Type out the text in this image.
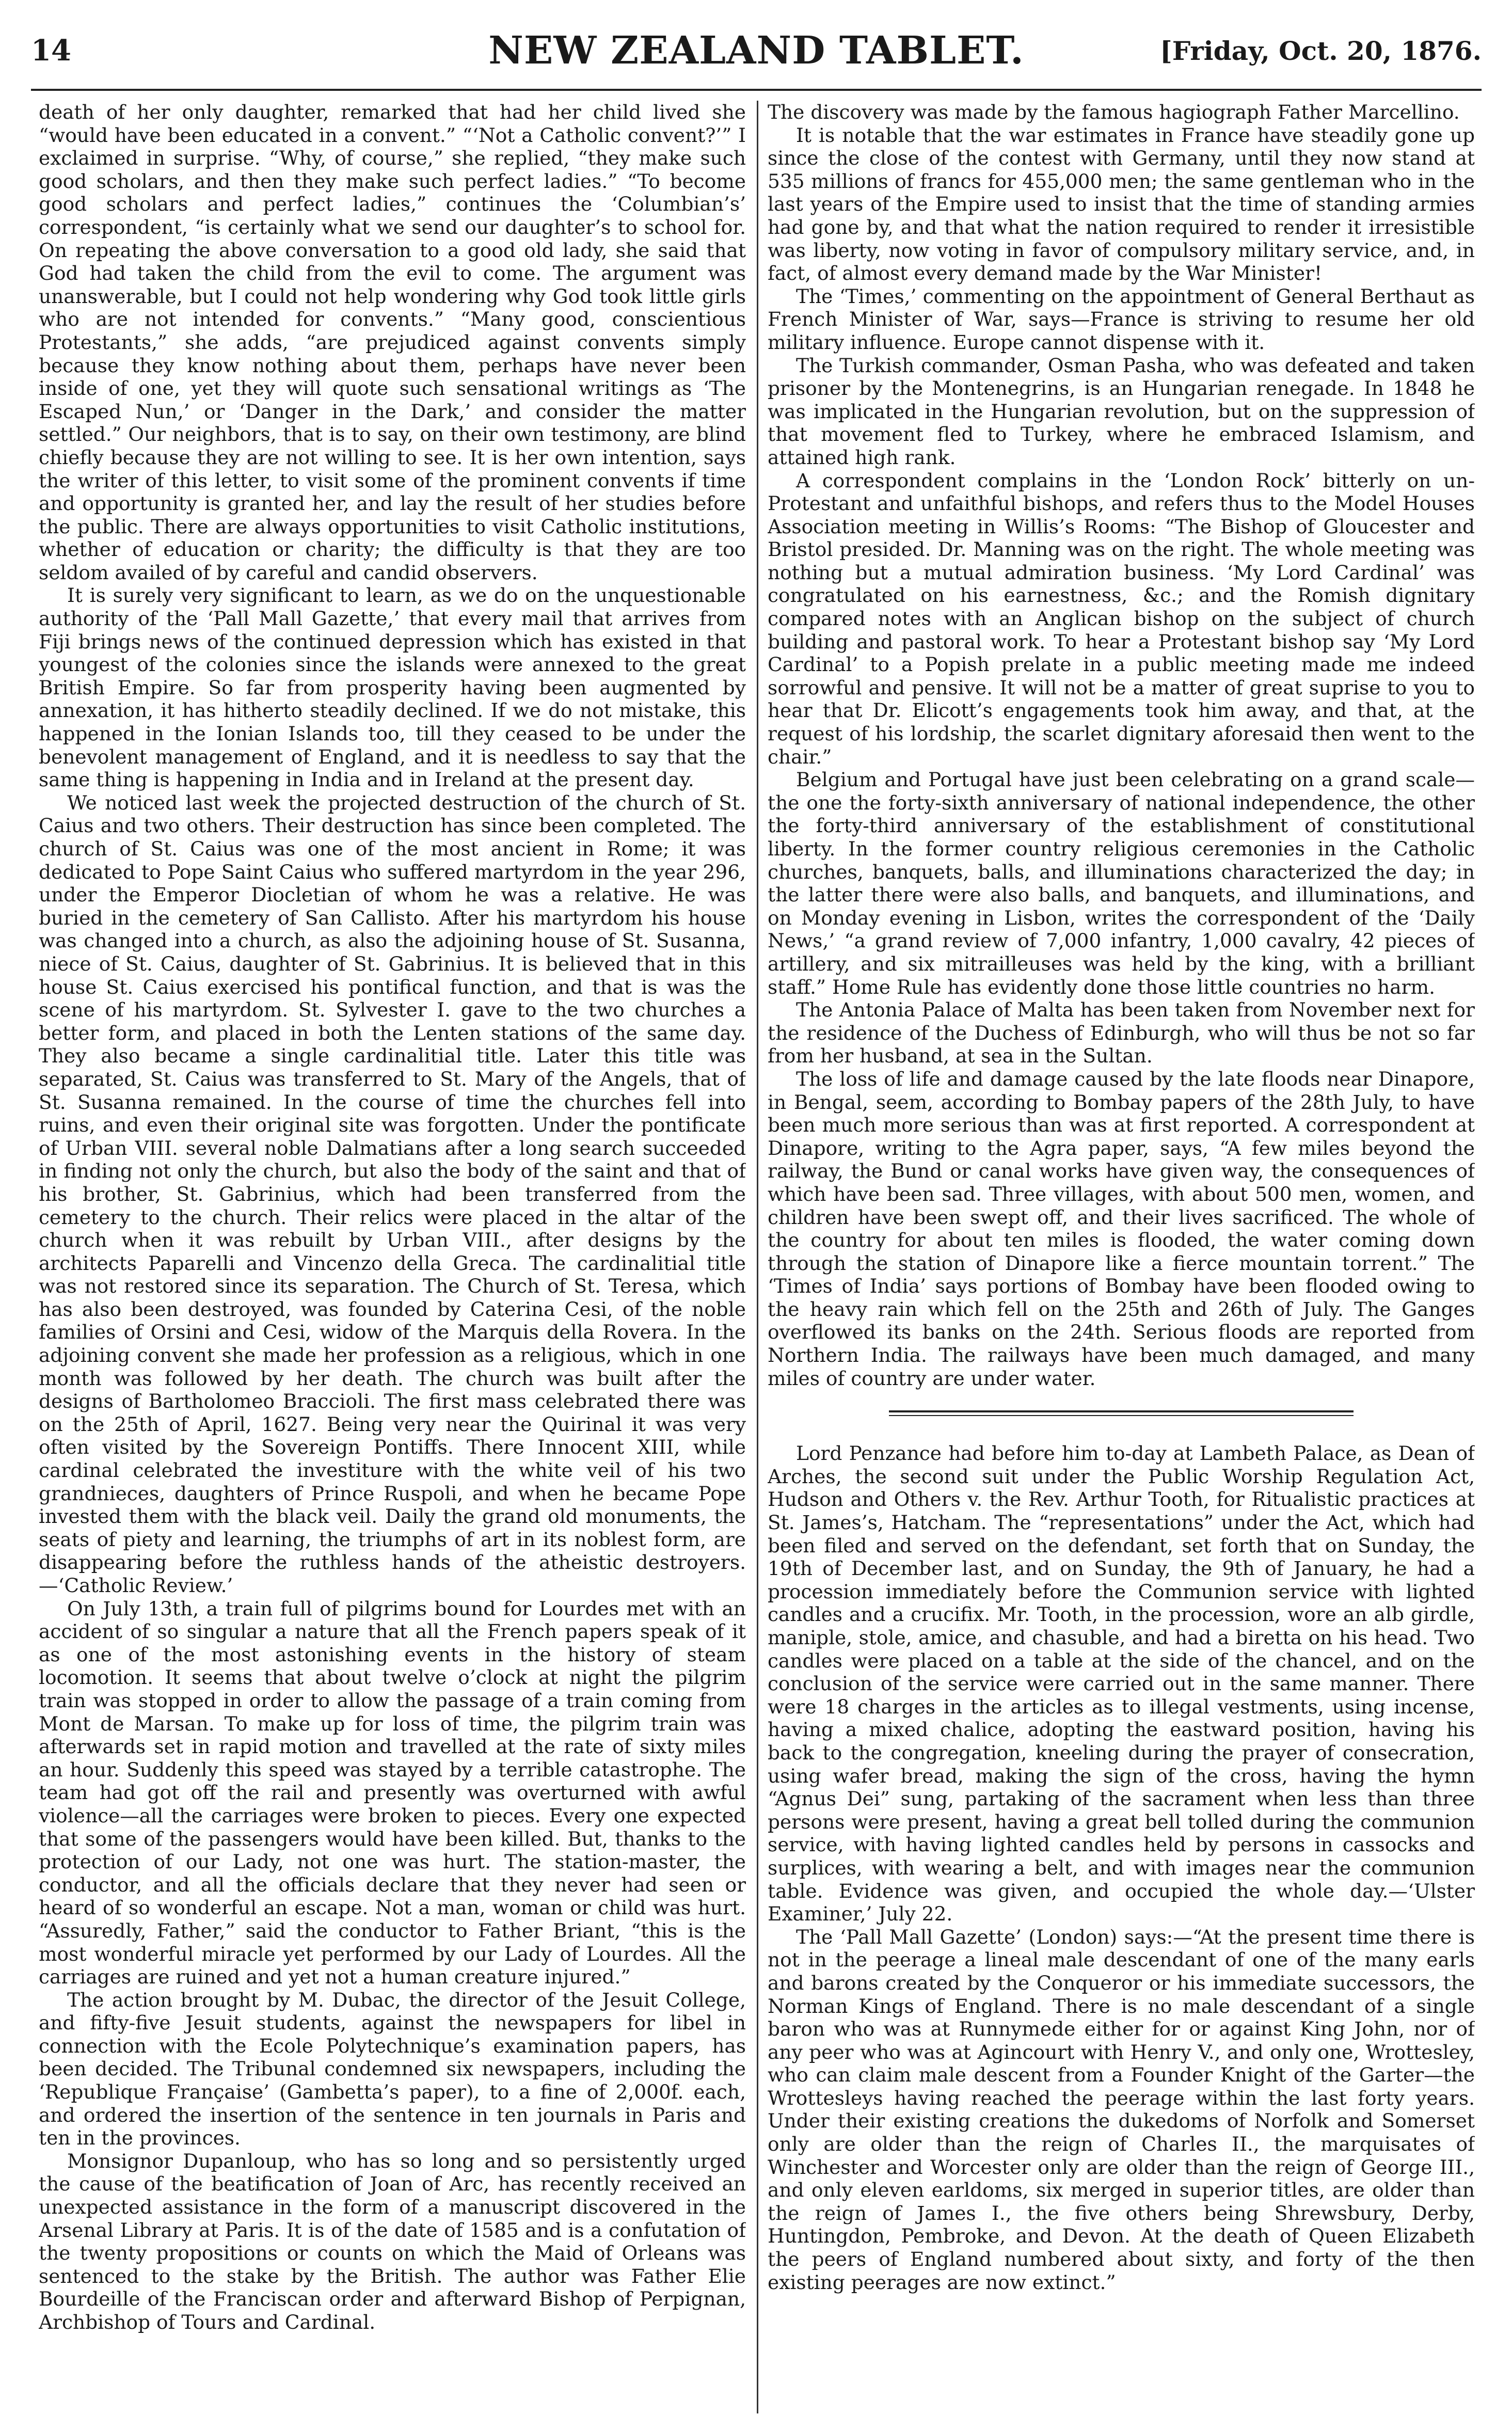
14	NEW ZEALAND TABLET.	[Friday, Oct. 20, 1876.

death of her only daughter, remarked that had her child lived she “would have been educated in a convent.” “‘Not a Catholic convent?’” I exclaimed in surprise. “Why, of course,” she replied, “they make such good scholars, and then they make such perfect ladies.” “To become good scholars and perfect ladies,” continues the ‘Columbian’s’ correspondent, “is certainly what we send our daughter’s to school for. On repeating the above conversation to a good old lady, she said that God had taken the child from the evil to come. The argument was unanswerable, but I could not help wondering why God took little girls who are not intended for convents.” “Many good, conscientious Protestants,” she adds, “are prejudiced against convents simply because they know nothing about them, perhaps have never been inside of one, yet they will quote such sensational writings as ‘The Escaped Nun,’ or ‘Danger in the Dark,’ and consider the matter settled.” Our neighbors, that is to say, on their own testimony, are blind chiefly because they are not willing to see. It is her own intention, says the writer of this letter, to visit some of the prominent convents if time and opportunity is granted her, and lay the result of her studies before the public. There are always opportunities to visit Catholic institutions, whether of education or charity; the difficulty is that they are too seldom availed of by careful and candid observers.

It is surely very significant to learn, as we do on the unquestionable authority of the ‘Pall Mall Gazette,’ that every mail that arrives from Fiji brings news of the continued depression which has existed in that youngest of the colonies since the islands were annexed to the great British Empire. So far from prosperity having been augmented by annexation, it has hitherto steadily declined. If we do not mistake, this happened in the Ionian Islands too, till they ceased to be under the benevolent management of England, and it is needless to say that the same thing is happening in India and in Ireland at the present day.

We noticed last week the projected destruction of the church of St. Caius and two others. Their destruction has since been completed. The church of St. Caius was one of the most ancient in Rome; it was dedicated to Pope Saint Caius who suffered martyrdom in the year 296, under the Emperor Diocletian of whom he was a relative. He was buried in the cemetery of San Callisto. After his martyrdom his house was changed into a church, as also the adjoining house of St. Susanna, niece of St. Caius, daughter of St. Gabrinius. It is believed that in this house St. Caius exercised his pontifical function, and that is was the scene of his martyrdom. St. Sylvester I. gave to the two churches a better form, and placed in both the Lenten stations of the same day. They also became a single cardinalitial title. Later this title was separated, St. Caius was transferred to St. Mary of the Angels, that of St. Susanna remained. In the course of time the churches fell into ruins, and even their original site was forgotten. Under the pontificate of Urban VIII. several noble Dalmatians after a long search succeeded in finding not only the church, but also the body of the saint and that of his brother, St. Gabrinius, which had been transferred from the cemetery to the church. Their relics were placed in the altar of the church when it was rebuilt by Urban VIII., after designs by the architects Paparelli and Vincenzo della Greca. The cardinalitial title was not restored since its separation. The Church of St. Teresa, which has also been destroyed, was founded by Caterina Cesi, of the noble families of Orsini and Cesi, widow of the Marquis della Rovera. In the adjoining convent she made her profession as a religious, which in one month was followed by her death. The church was built after the designs of Bartholomeo Braccioli. The first mass celebrated there was on the 25th of April, 1627. Being very near the Quirinal it was very often visited by the Sovereign Pontiffs. There Innocent XIII, while cardinal celebrated the investiture with the white veil of his two grandnieces, daughters of Prince Ruspoli, and when he became Pope invested them with the black veil. Daily the grand old monuments, the seats of piety and learning, the triumphs of art in its noblest form, are disappearing before the ruthless hands of the atheistic destroyers.—‘Catholic Review.’

On July 13th, a train full of pilgrims bound for Lourdes met with an accident of so singular a nature that all the French papers speak of it as one of the most astonishing events in the history of steam locomotion. It seems that about twelve o’clock at night the pilgrim train was stopped in order to allow the passage of a train coming from Mont de Marsan. To make up for loss of time, the pilgrim train was afterwards set in rapid motion and travelled at the rate of sixty miles an hour. Suddenly this speed was stayed by a terrible catastrophe. The team had got off the rail and presently was overturned with awful violence—all the carriages were broken to pieces. Every one expected that some of the passengers would have been killed. But, thanks to the protection of our Lady, not one was hurt. The station-master, the conductor, and all the officials declare that they never had seen or heard of so wonderful an escape. Not a man, woman or child was hurt. “Assuredly, Father,” said the conductor to Father Briant, “this is the most wonderful miracle yet performed by our Lady of Lourdes. All the carriages are ruined and yet not a human creature injured.”

The action brought by M. Dubac, the director of the Jesuit College, and fifty-five Jesuit students, against the newspapers for libel in connection with the Ecole Polytechnique’s examination papers, has been decided. The Tribunal condemned six newspapers, including the ‘Republique Française’ (Gambetta’s paper), to a fine of 2,000f. each, and ordered the insertion of the sentence in ten journals in Paris and ten in the provinces.

Monsignor Dupanloup, who has so long and so persistently urged the cause of the beatification of Joan of Arc, has recently received an unexpected assistance in the form of a manuscript discovered in the Arsenal Library at Paris. It is of the date of 1585 and is a confutation of the twenty propositions or counts on which the Maid of Orleans was sentenced to the stake by the British. The author was Father Elie Bourdeille of the Franciscan order and afterward Bishop of Perpignan, Archbishop of Tours and Cardinal.

The discovery was made by the famous hagiograph Father Marcellino.

It is notable that the war estimates in France have steadily gone up since the close of the contest with Germany, until they now stand at 535 millions of francs for 455,000 men; the same gentleman who in the last years of the Empire used to insist that the time of standing armies had gone by, and that what the nation required to render it irresistible was liberty, now voting in favor of compulsory military service, and, in fact, of almost every demand made by the War Minister!

The ‘Times,’ commenting on the appointment of General Berthaut as French Minister of War, says—France is striving to resume her old military influence. Europe cannot dispense with it.

The Turkish commander, Osman Pasha, who was defeated and taken prisoner by the Montenegrins, is an Hungarian renegade. In 1848 he was implicated in the Hungarian revolution, but on the suppression of that movement fled to Turkey, where he embraced Islamism, and attained high rank.

A correspondent complains in the ‘London Rock’ bitterly on un-Protestant and unfaithful bishops, and refers thus to the Model Houses Association meeting in Willis’s Rooms: “The Bishop of Gloucester and Bristol presided. Dr. Manning was on the right. The whole meeting was nothing but a mutual admiration business. ‘My Lord Cardinal’ was congratulated on his earnestness, &c.; and the Romish dignitary compared notes with an Anglican bishop on the subject of church building and pastoral work. To hear a Protestant bishop say ‘My Lord Cardinal’ to a Popish prelate in a public meeting made me indeed sorrowful and pensive. It will not be a matter of great suprise to you to hear that Dr. Elicott’s engagements took him away, and that, at the request of his lordship, the scarlet dignitary aforesaid then went to the chair.”

Belgium and Portugal have just been celebrating on a grand scale—the one the forty-sixth anniversary of national independence, the other the forty-third anniversary of the establishment of constitutional liberty. In the former country religious ceremonies in the Catholic churches, banquets, balls, and illuminations characterized the day; in the latter there were also balls, and banquets, and illuminations, and on Monday evening in Lisbon, writes the correspondent of the ‘Daily News,’ “a grand review of 7,000 infantry, 1,000 cavalry, 42 pieces of artillery, and six mitrailleuses was held by the king, with a brilliant staff.” Home Rule has evidently done those little countries no harm.

The Antonia Palace of Malta has been taken from November next for the residence of the Duchess of Edinburgh, who will thus be not so far from her husband, at sea in the Sultan.

The loss of life and damage caused by the late floods near Dinapore, in Bengal, seem, according to Bombay papers of the 28th July, to have been much more serious than was at first reported. A correspondent at Dinapore, writing to the Agra paper, says, “A few miles beyond the railway, the Bund or canal works have given way, the consequences of which have been sad. Three villages, with about 500 men, women, and children have been swept off, and their lives sacrificed. The whole of the country for about ten miles is flooded, the water coming down through the station of Dinapore like a fierce mountain torrent.” The ‘Times of India’ says portions of Bombay have been flooded owing to the heavy rain which fell on the 25th and 26th of July. The Ganges overflowed its banks on the 24th. Serious floods are reported from Northern India. The railways have been much damaged, and many miles of country are under water.

Lord Penzance had before him to-day at Lambeth Palace, as Dean of Arches, the second suit under the Public Worship Regulation Act, Hudson and Others v. the Rev. Arthur Tooth, for Ritualistic practices at St. James’s, Hatcham. The “representations” under the Act, which had been filed and served on the defendant, set forth that on Sunday, the 19th of December last, and on Sunday, the 9th of January, he had a procession immediately before the Communion service with lighted candles and a crucifix. Mr. Tooth, in the procession, wore an alb girdle, maniple, stole, amice, and chasuble, and had a biretta on his head. Two candles were placed on a table at the side of the chancel, and on the conclusion of the service were carried out in the same manner. There were 18 charges in the articles as to illegal vestments, using incense, having a mixed chalice, adopting the eastward position, having his back to the congregation, kneeling during the prayer of consecration, using wafer bread, making the sign of the cross, having the hymn “Agnus Dei” sung, partaking of the sacrament when less than three persons were present, having a great bell tolled during the communion service, with having lighted candles held by persons in cassocks and surplices, with wearing a belt, and with images near the communion table. Evidence was given, and occupied the whole day.—‘Ulster Examiner,’ July 22.

The ‘Pall Mall Gazette’ (London) says:—“At the present time there is not in the peerage a lineal male descendant of one of the many earls and barons created by the Conqueror or his immediate successors, the Norman Kings of England. There is no male descendant of a single baron who was at Runnymede either for or against King John, nor of any peer who was at Agincourt with Henry V., and only one, Wrottesley, who can claim male descent from a Founder Knight of the Garter—the Wrottesleys having reached the peerage within the last forty years. Under their existing creations the dukedoms of Norfolk and Somerset only are older than the reign of Charles II., the marquisates of Winchester and Worcester only are older than the reign of George III., and only eleven earldoms, six merged in superior titles, are older than the reign of James I., the five others being Shrewsbury, Derby, Huntingdon, Pembroke, and Devon. At the death of Queen Elizabeth the peers of England numbered about sixty, and forty of the then existing peerages are now extinct.”
